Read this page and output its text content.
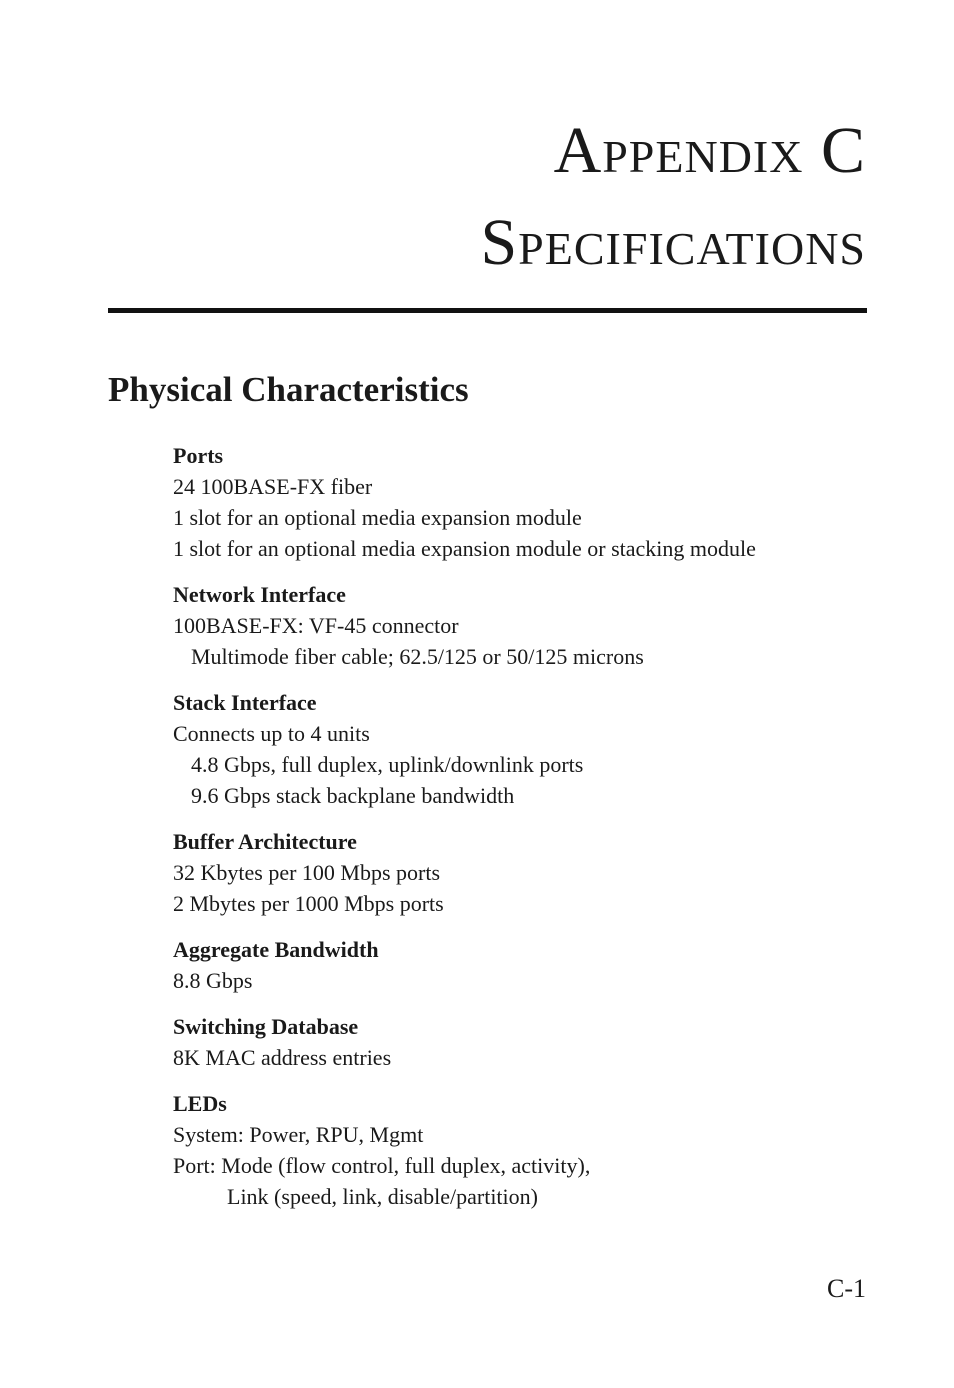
Appendix C
Specifications
Physical Characteristics
Ports
24 100BASE-FX fiber
1 slot for an optional media expansion module
1 slot for an optional media expansion module or stacking module
Network Interface
100BASE-FX: VF-45 connector
Multimode fiber cable; 62.5/125 or 50/125 microns
Stack Interface
Connects up to 4 units
4.8 Gbps, full duplex, uplink/downlink ports
9.6 Gbps stack backplane bandwidth
Buffer Architecture
32 Kbytes per 100 Mbps ports
2 Mbytes per 1000 Mbps ports
Aggregate Bandwidth
8.8 Gbps
Switching Database
8K MAC address entries
LEDs
System: Power, RPU, Mgmt
Port: Mode (flow control, full duplex, activity),
Link (speed, link, disable/partition)
C-1
